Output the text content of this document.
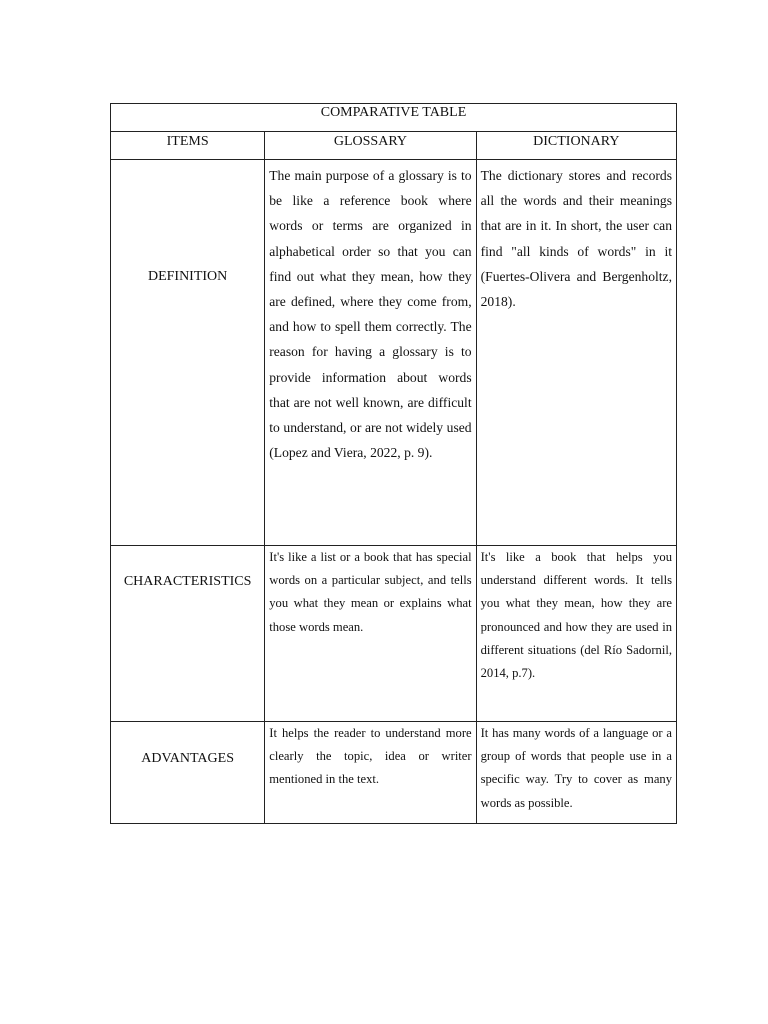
COMPARATIVE TABLE		
ITEMS	GLOSSARY	DICTIONARY
DEFINITION	The main purpose of a glossary is to be like a reference book where words or terms are organized in alphabetical order so that you can find out what they mean, how they are defined, where they come from, and how to spell them correctly. The reason for having a glossary is to provide information about words that are not well known, are difficult to understand, or are not widely used (Lopez and Viera, 2022, p. 9).	The dictionary stores and records all the words and their meanings that are in it. In short, the user can find "all kinds of words" in it (Fuertes-Olivera and Bergenholtz, 2018).

CHARACTERISTICS	It's like a list or a book that has special words on a particular subject, and tells you what they mean or explains what those words mean.	It's like a book that helps you understand different words. It tells you what they mean, how they are pronounced and how they are used in different situations (del Río Sadornil, 2014, p.7).

ADVANTAGES	It helps the reader to understand more clearly the topic, idea or writer mentioned in the text.	It has many words of a language or a group of words that people use in a specific way. Try to cover as many words as possible.
